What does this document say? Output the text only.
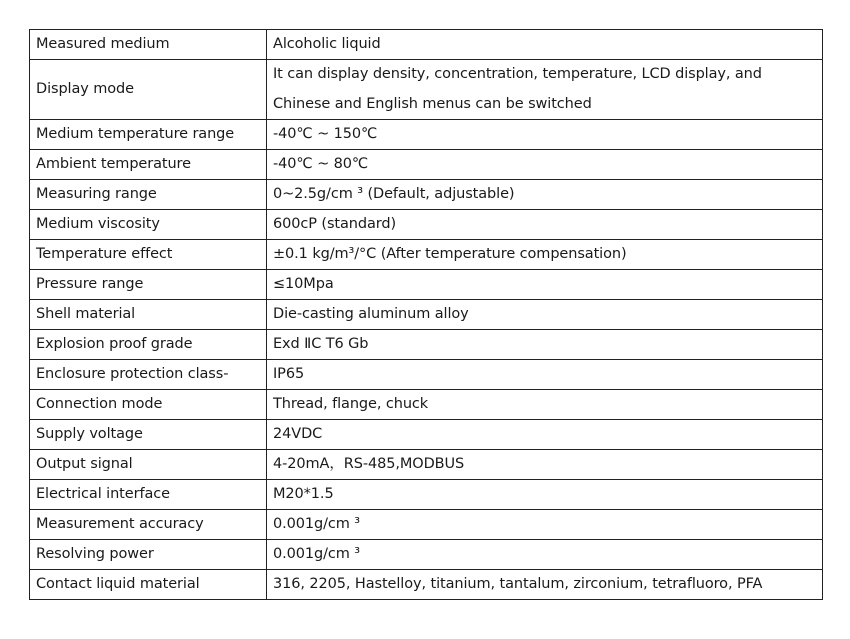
Measured medium	Alcoholic liquid
Display mode	It can display density, concentration, temperature, LCD display, and
Chinese and English menus can be switched

Medium temperature range	-40℃ ~ 150℃
Ambient temperature	-40℃ ~ 80℃
Measuring range	0~2.5g/cm ³ (Default, adjustable)
Medium viscosity	600cP (standard)
Temperature effect	±0.1 kg/m³/°C (After temperature compensation)
Pressure range	≤10Mpa
Shell material	Die-casting aluminum alloy
Explosion proof grade	Exd ⅡC T6 Gb
Enclosure protection class-	IP65
Connection mode	Thread, flange, chuck
Supply voltage	24VDC
Output signal	4-20mA，RS-485,MODBUS
Electrical interface	M20*1.5
Measurement accuracy	0.001g/cm ³
Resolving power	0.001g/cm ³
Contact liquid material	316, 2205, Hastelloy, titanium, tantalum, zirconium, tetrafluoro, PFA
